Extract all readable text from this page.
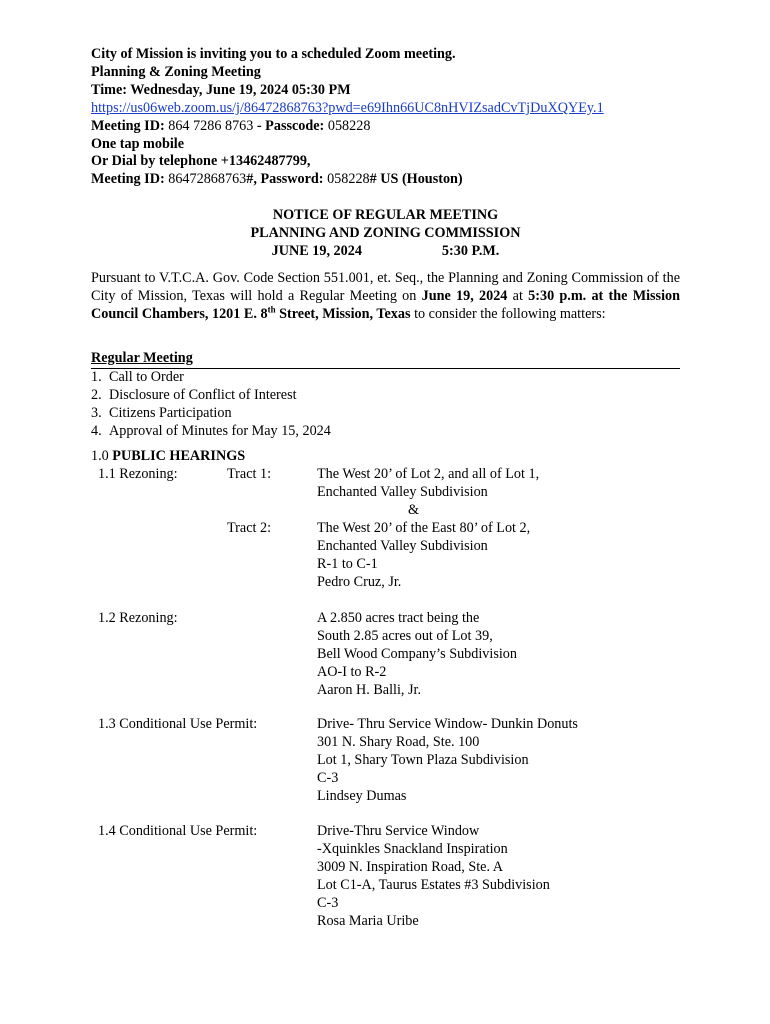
City of Mission is inviting you to a scheduled Zoom meeting.
Planning & Zoning Meeting
Time: Wednesday, June 19, 2024 05:30 PM
https://us06web.zoom.us/j/86472868763?pwd=e69Ihn66UC8nHVIZsadCvTjDuXQYEy.1
Meeting ID: 864 7286 8763 - Passcode: 058228
One tap mobile
Or Dial by telephone +13462487799,
Meeting ID: 86472868763#, Password: 058228# US (Houston)
NOTICE OF REGULAR MEETING
PLANNING AND ZONING COMMISSION
JUNE 19, 2024	5:30 P.M.
Pursuant to V.T.C.A. Gov. Code Section 551.001, et. Seq., the Planning and Zoning Commission of the City of Mission, Texas will hold a Regular Meeting on June 19, 2024 at 5:30 p.m. at the Mission Council Chambers, 1201 E. 8th Street, Mission, Texas to consider the following matters:
Regular Meeting
1. Call to Order
2. Disclosure of Conflict of Interest
3. Citizens Participation
4. Approval of Minutes for May 15, 2024
1.0 PUBLIC HEARINGS
1.1 Rezoning:	Tract 1:	The West 20’ of Lot 2, and all of Lot 1,
Enchanted Valley Subdivision
&
Tract 2:	The West 20’ of the East 80’ of Lot 2,
Enchanted Valley Subdivision
R-1 to C-1
Pedro Cruz, Jr.
1.2 Rezoning:	A 2.850 acres tract being the
South 2.85 acres out of Lot 39,
Bell Wood Company’s Subdivision
AO-I to R-2
Aaron H. Balli, Jr.
1.3 Conditional Use Permit:	Drive- Thru Service Window- Dunkin Donuts
301 N. Shary Road, Ste. 100
Lot 1, Shary Town Plaza Subdivision
C-3
Lindsey Dumas
1.4 Conditional Use Permit:	Drive-Thru Service Window
-Xquinkles Snackland Inspiration
3009 N. Inspiration Road, Ste. A
Lot C1-A, Taurus Estates #3 Subdivision
C-3
Rosa Maria Uribe
